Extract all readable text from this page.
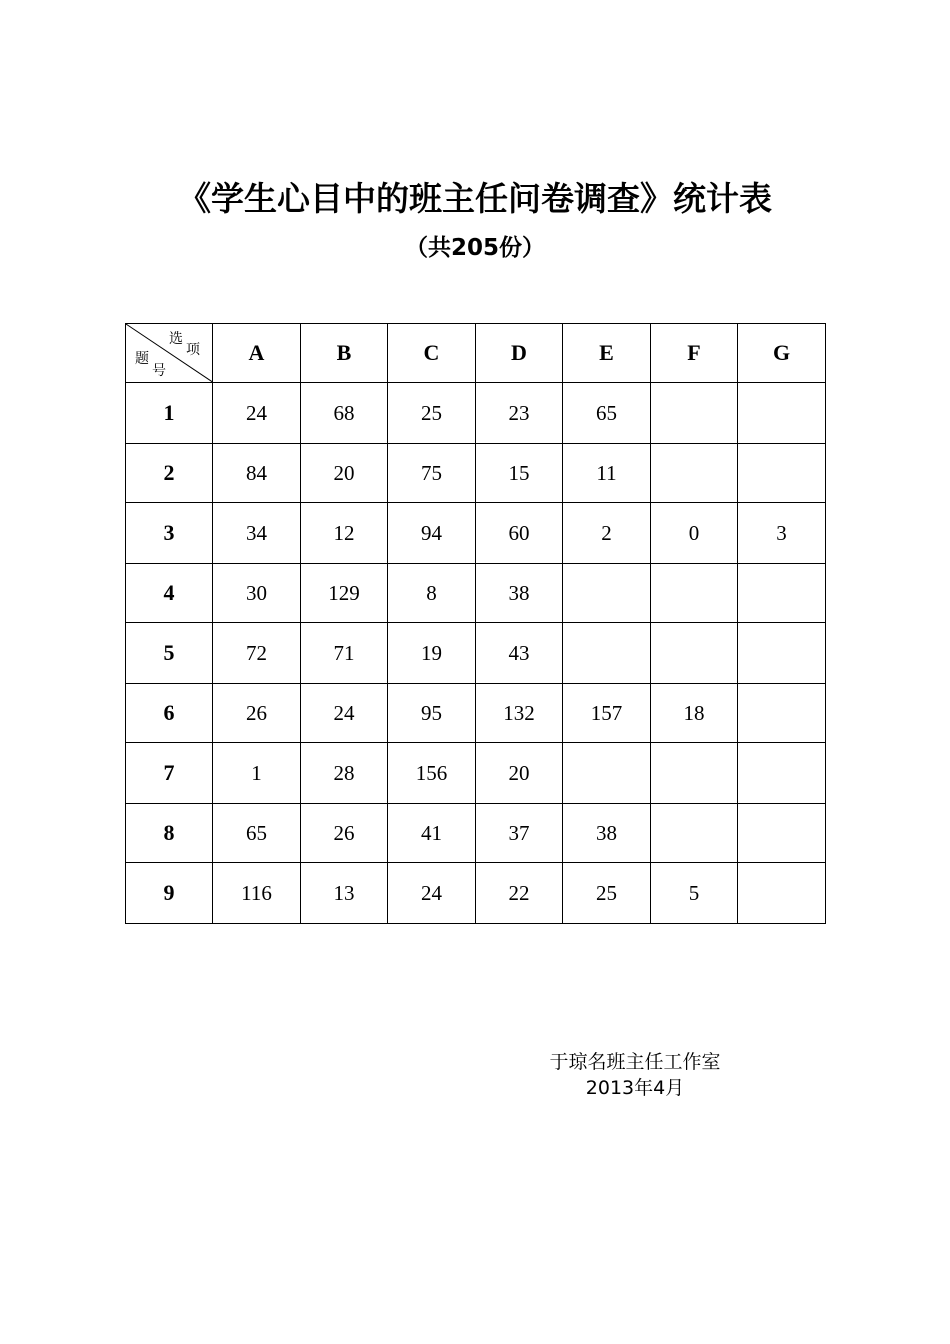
《学生心目中的班主任问卷调查》统计表
（共205份）
选
项
题
号	A	B	C	D	E	F	G
1	24	68	25	23	65		
2	84	20	75	15	11		
3	34	12	94	60	2	0	3
4	30	129	8	38			
5	72	71	19	43			
6	26	24	95	132	157	18	
7	1	28	156	20			
8	65	26	41	37	38		
9	116	13	24	22	25	5	
于琼名班主任工作室
2013年4月
